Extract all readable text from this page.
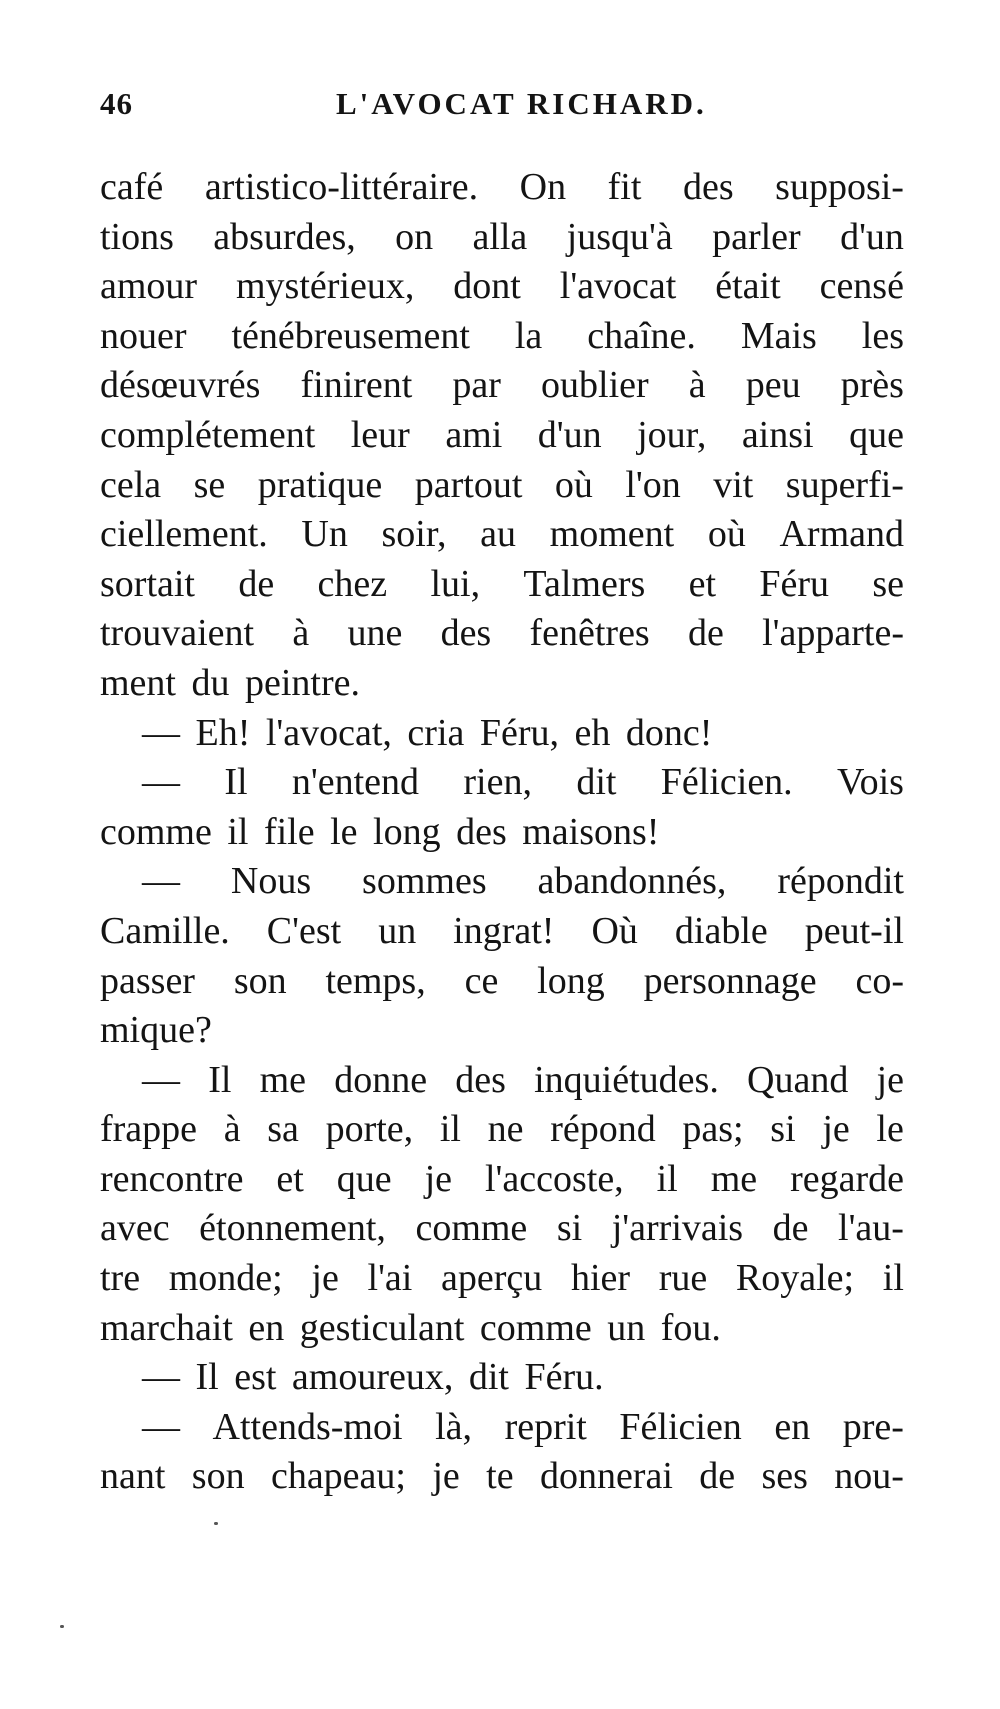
46	L'AVOCAT RICHARD.
café artistico-littéraire. On fit des supposi-
tions absurdes, on alla jusqu'à parler d'un
amour mystérieux, dont l'avocat était censé
nouer ténébreusement la chaîne. Mais les
désœuvrés finirent par oublier à peu près
complétement leur ami d'un jour, ainsi que
cela se pratique partout où l'on vit superfi-
ciellement. Un soir, au moment où Armand
sortait de chez lui, Talmers et Féru se
trouvaient à une des fenêtres de l'apparte-
ment du peintre.
— Eh! l'avocat, cria Féru, eh donc!
— Il n'entend rien, dit Félicien. Vois
comme il file le long des maisons!
— Nous sommes abandonnés, répondit
Camille. C'est un ingrat! Où diable peut-il
passer son temps, ce long personnage co-
mique?
— Il me donne des inquiétudes. Quand je
frappe à sa porte, il ne répond pas; si je le
rencontre et que je l'accoste, il me regarde
avec étonnement, comme si j'arrivais de l'au-
tre monde; je l'ai aperçu hier rue Royale; il
marchait en gesticulant comme un fou.
— Il est amoureux, dit Féru.
— Attends-moi là, reprit Félicien en pre-
nant son chapeau; je te donnerai de ses nou-
